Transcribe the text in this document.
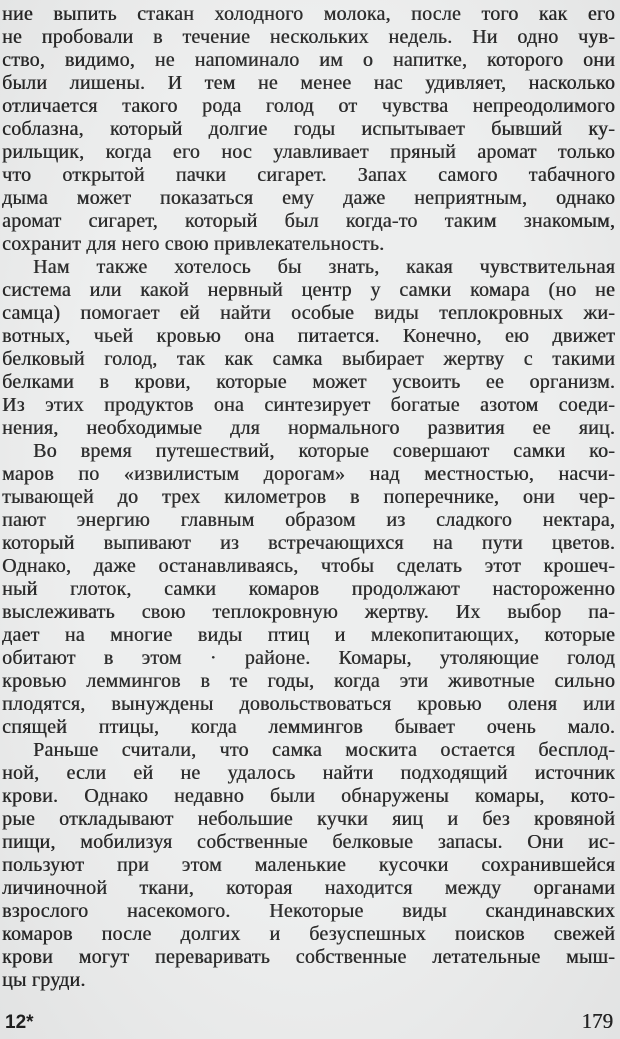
ние выпить стакан холодного молока, после того как его
не пробовали в течение нескольких недель. Ни одно чув-
ство, видимо, не напоминало им о напитке, которого они
были лишены. И тем не менее нас удивляет, насколько
отличается такого рода голод от чувства непреодолимого
соблазна, который долгие годы испытывает бывший ку-
рильщик, когда его нос улавливает пряный аромат только
что открытой пачки сигарет. Запах самого табачного
дыма может показаться ему даже неприятным, однако
аромат сигарет, который был когда-то таким знакомым,
сохранит для него свою привлекательность.
Нам также хотелось бы знать, какая чувствительная
система или какой нервный центр у самки комара (но не
самца) помогает ей найти особые виды теплокровных жи-
вотных, чьей кровью она питается. Конечно, ею движет
белковый голод, так как самка выбирает жертву с такими
белками в крови, которые может усвоить ее организм.
Из этих продуктов она синтезирует богатые азотом соеди-
нения, необходимые для нормального развития ее яиц.
Во время путешествий, которые совершают самки ко-
маров по «извилистым дорогам» над местностью, насчи-
тывающей до трех километров в поперечнике, они чер-
пают энергию главным образом из сладкого нектара,
который выпивают из встречающихся на пути цветов.
Однако, даже останавливаясь, чтобы сделать этот крошеч-
ный глоток, самки комаров продолжают настороженно
выслеживать свою теплокровную жертву. Их выбор па-
дает на многие виды птиц и млекопитающих, которые
обитают в этом · районе. Комары, утоляющие голод
кровью леммингов в те годы, когда эти животные сильно
плодятся, вынуждены довольствоваться кровью оленя или
спящей птицы, когда леммингов бывает очень мало.
Раньше считали, что самка москита остается бесплод-
ной, если ей не удалось найти подходящий источник
крови. Однако недавно были обнаружены комары, кото-
рые откладывают небольшие кучки яиц и без кровяной
пищи, мобилизуя собственные белковые запасы. Они ис-
пользуют при этом маленькие кусочки сохранившейся
личиночной ткани, которая находится между органами
взрослого насекомого. Некоторые виды скандинавских
комаров после долгих и безуспешных поисков свежей
крови могут переваривать собственные летательные мыш-
цы груди.
12*	179
